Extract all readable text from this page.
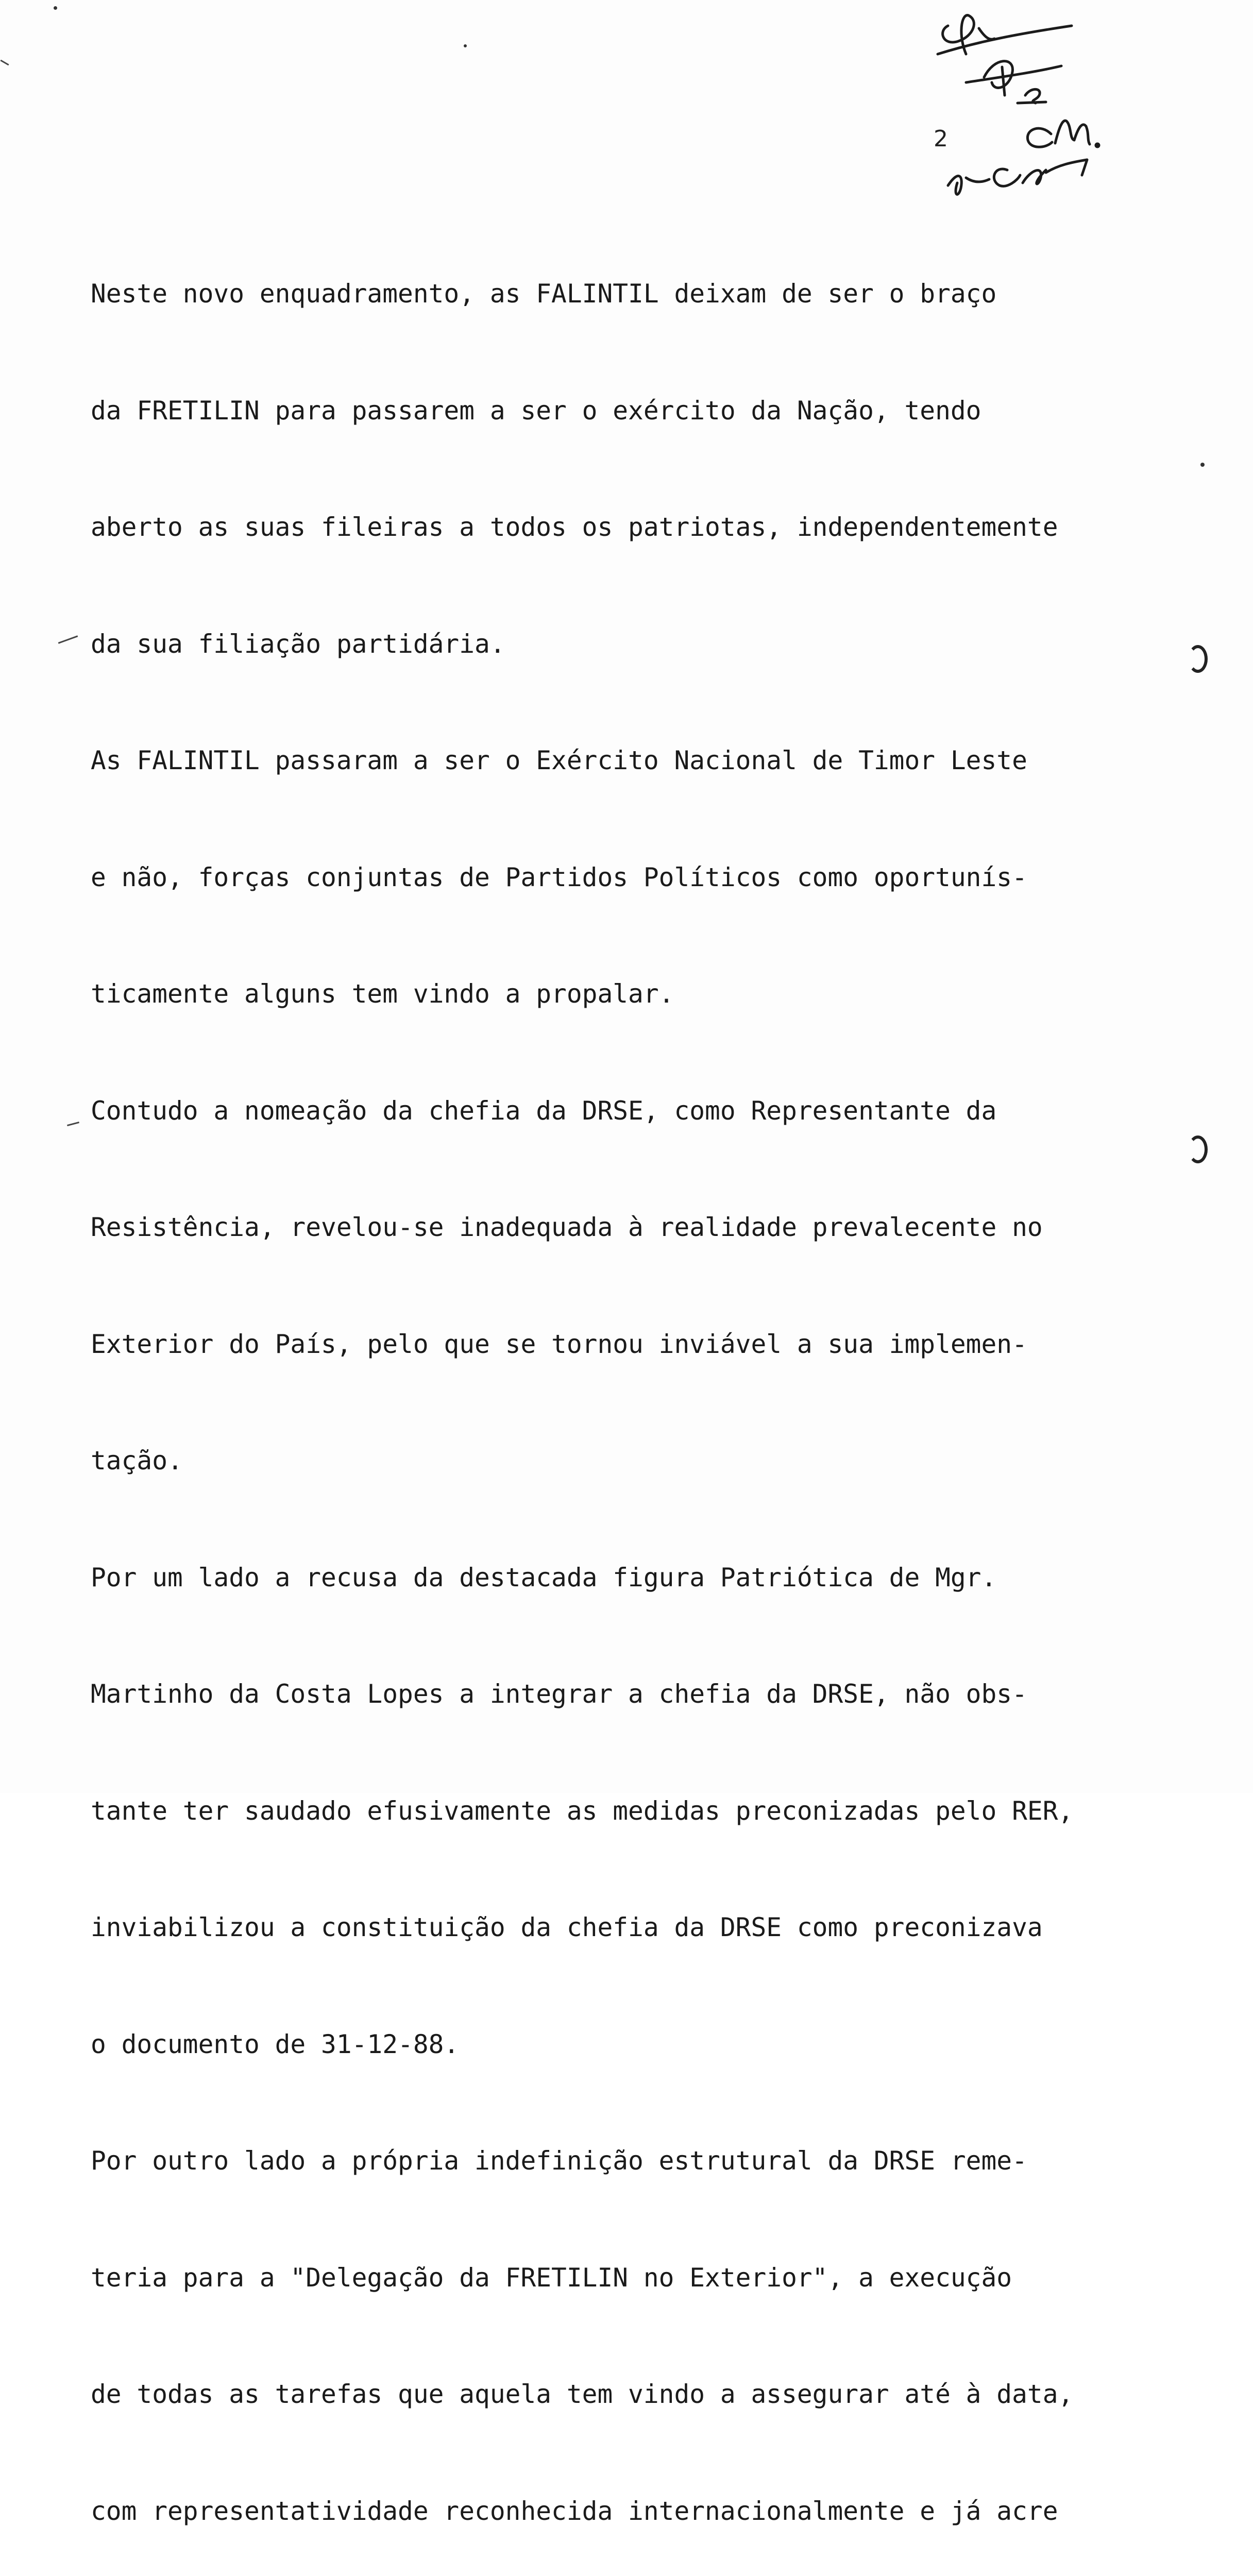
2

Neste novo enquadramento, as FALINTIL deixam de ser o braço

da FRETILIN para passarem a ser o exército da Nação, tendo

aberto as suas fileiras a todos os patriotas, independentemente

da sua filiação partidária.

As FALINTIL passaram a ser o Exército Nacional de Timor Leste

e não, forças conjuntas de Partidos Políticos como oportunís-

ticamente alguns tem vindo a propalar.

Contudo a nomeação da chefia da DRSE, como Representante da

Resistência, revelou-se inadequada à realidade prevalecente no

Exterior do País, pelo que se tornou inviável a sua implemen-

tação.

Por um lado a recusa da destacada figura Patriótica de Mgr.

Martinho da Costa Lopes a integrar a chefia da DRSE, não obs-

tante ter saudado efusivamente as medidas preconizadas pelo RER,

inviabilizou a constituição da chefia da DRSE como preconizava

o documento de 31-12-88.

Por outro lado a própria indefinição estrutural da DRSE reme-

teria para a "Delegação da FRETILIN no Exterior", a execução

de todas as tarefas que aquela tem vindo a assegurar até à data,

com representatividade reconhecida internacionalmente e já acre
